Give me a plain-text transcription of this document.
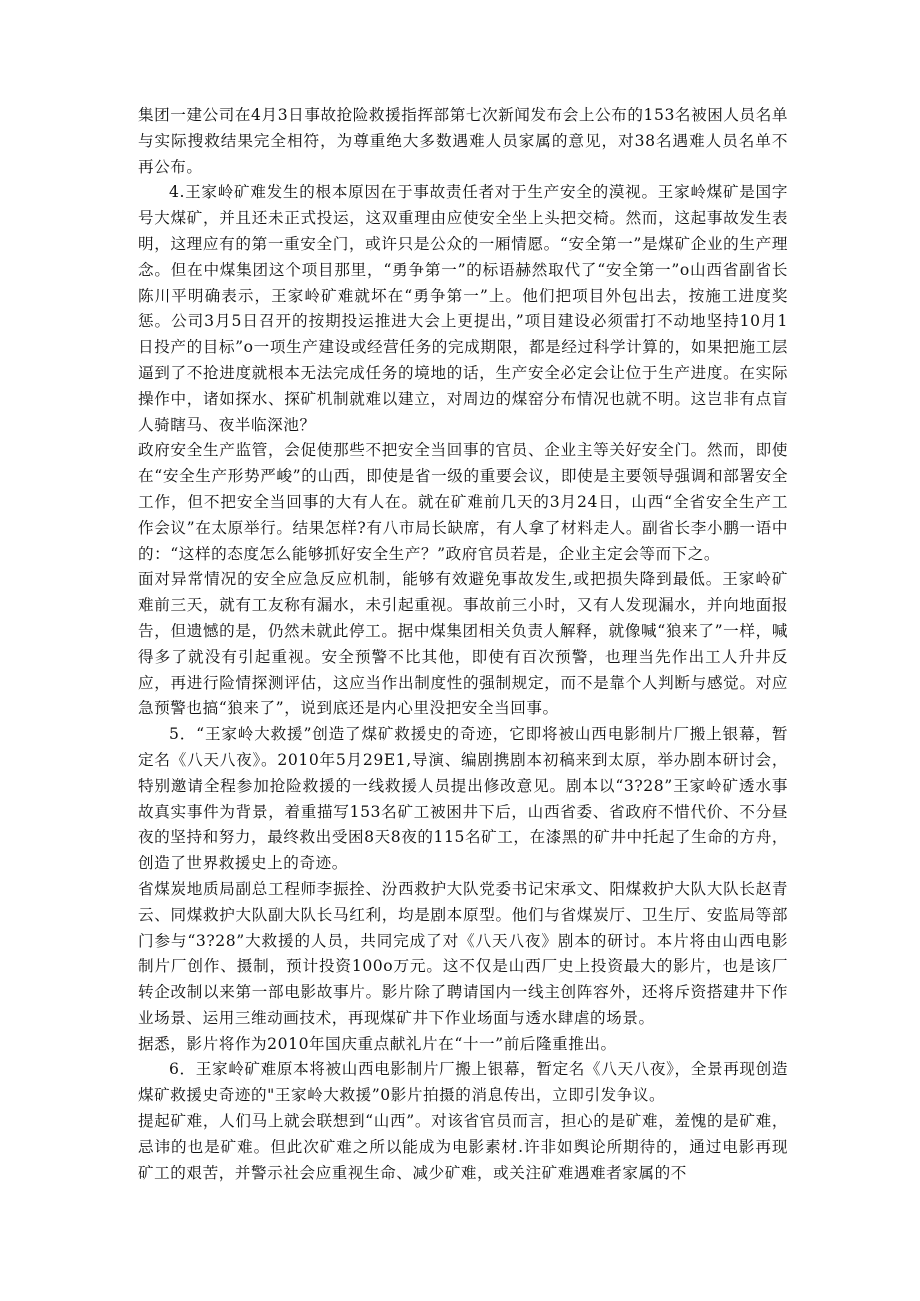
集团一建公司在4月3日事故抢险救援指挥部第七次新闻发布会上公布的153名被困人员名单与实际搜救结果完全相符，为尊重绝大多数遇难人员家属的意见，对38名遇难人员名单不再公布。

4.王家岭矿难发生的根本原因在于事故责任者对于生产安全的漠视。王家岭煤矿是国字号大煤矿，并且还未正式投运，这双重理由应使安全坐上头把交椅。然而，这起事故发生表明，这理应有的第一重安全门，或许只是公众的一厢情愿。“安全第一”是煤矿企业的生产理念。但在中煤集团这个项目那里，“勇争第一”的标语赫然取代了“安全第一”o山西省副省长陈川平明确表示，王家岭矿难就坏在“勇争第一”上。他们把项目外包出去，按施工进度奖惩。公司3月5日召开的按期投运推进大会上更提出，”项目建设必须雷打不动地坚持10月1日投产的目标”o一项生产建设或经营任务的完成期限，都是经过科学计算的，如果把施工层逼到了不抢进度就根本无法完成任务的境地的话，生产安全必定会让位于生产进度。在实际操作中，诸如探水、探矿机制就难以建立，对周边的煤窑分布情况也就不明。这岂非有点盲人骑瞎马、夜半临深池？

政府安全生产监管，会促使那些不把安全当回事的官员、企业主等关好安全门。然而，即使在“安全生产形势严峻”的山西，即使是省一级的重要会议，即使是主要领导强调和部署安全工作，但不把安全当回事的大有人在。就在矿难前几天的3月24日，山西“全省安全生产工作会议”在太原举行。结果怎样?有八市局长缺席，有人拿了材料走人。副省长李小鹏一语中的：“这样的态度怎么能够抓好安全生产？”政府官员若是，企业主定会等而下之。

面对异常情况的安全应急反应机制，能够有效避免事故发生,或把损失降到最低。王家岭矿难前三天，就有工友称有漏水，未引起重视。事故前三小时，又有人发现漏水，并向地面报告，但遗憾的是，仍然未就此停工。据中煤集团相关负责人解释，就像喊“狼来了”一样，喊得多了就没有引起重视。安全预警不比其他，即使有百次预警，也理当先作出工人升井反应，再进行险情探测评估，这应当作出制度性的强制规定，而不是靠个人判断与感觉。对应急预警也搞“狼来了”，说到底还是内心里没把安全当回事。

5．“王家岭大救援”创造了煤矿救援史的奇迹，它即将被山西电影制片厂搬上银幕，暂定名《八天八夜》。2010年5月29E1,导演、编剧携剧本初稿来到太原，举办剧本研讨会，特别邀请全程参加抢险救援的一线救援人员提出修改意见。剧本以“3?28”王家岭矿透水事故真实事件为背景，着重描写153名矿工被困井下后，山西省委、省政府不惜代价、不分昼夜的坚持和努力，最终救出受困8天8夜的115名矿工，在漆黑的矿井中托起了生命的方舟，创造了世界救援史上的奇迹。

省煤炭地质局副总工程师李振拴、汾西救护大队党委书记宋承文、阳煤救护大队大队长赵青云、同煤救护大队副大队长马红利，均是剧本原型。他们与省煤炭厅、卫生厅、安监局等部门参与“3?28”大救援的人员，共同完成了对《八天八夜》剧本的研讨。本片将由山西电影制片厂创作、摄制，预计投资100o万元。这不仅是山西厂史上投资最大的影片，也是该厂转企改制以来第一部电影故事片。影片除了聘请国内一线主创阵容外，还将斥资搭建井下作业场景、运用三维动画技术，再现煤矿井下作业场面与透水肆虐的场景。

据悉，影片将作为2010年国庆重点献礼片在“十一”前后隆重推出。

6．王家岭矿难原本将被山西电影制片厂搬上银幕，暂定名《八天八夜》，全景再现创造煤矿救援史奇迹的"王家岭大救援”0影片拍摄的消息传出，立即引发争议。

提起矿难，人们马上就会联想到“山西”。对该省官员而言，担心的是矿难，羞愧的是矿难，忌讳的也是矿难。但此次矿难之所以能成为电影素材.许非如舆论所期待的，通过电影再现矿工的艰苦，并警示社会应重视生命、减少矿难，或关注矿难遇难者家属的不
